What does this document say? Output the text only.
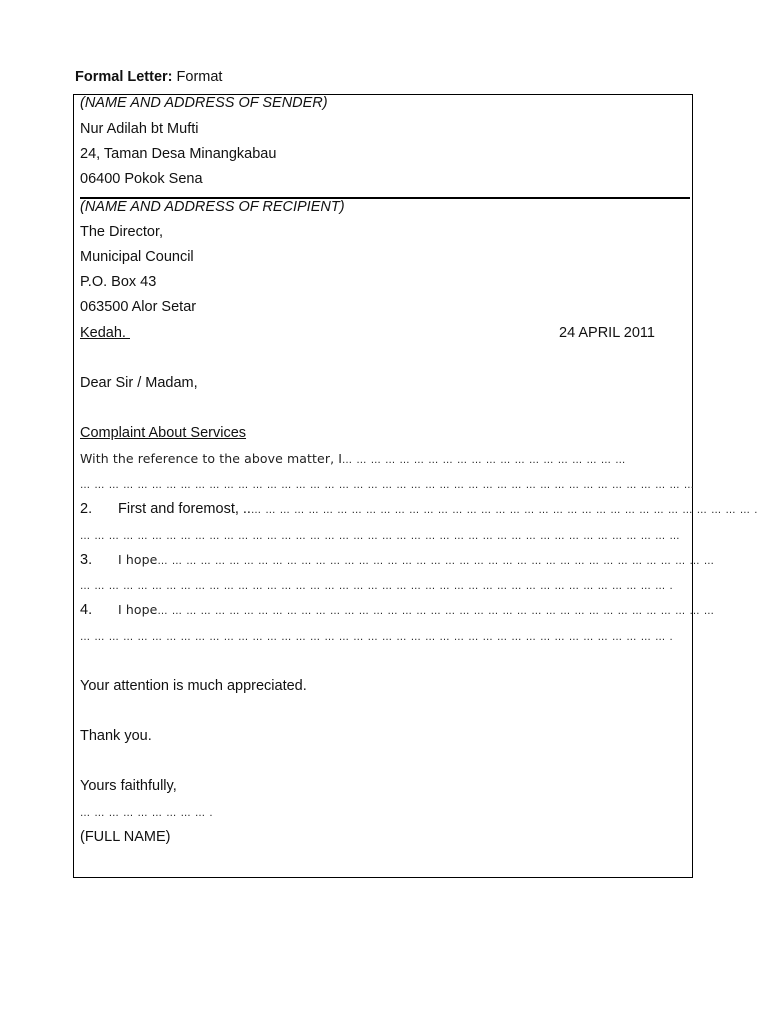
Formal Letter: Format
(NAME AND ADDRESS OF SENDER)
Nur Adilah bt Mufti
24, Taman Desa Minangkabau
06400 Pokok Sena
(NAME AND ADDRESS OF RECIPIENT)
The Director,
Municipal Council
P.O. Box 43
063500 Alor Setar
Kedah.	24 APRIL 2011
Dear Sir / Madam,
Complaint About Services
With the reference to the above matter, I… … … … … … … … … … … … … … … … … … … …
… … … … … … … … … … … … … … … … … … … … … … … … … … … … … … … … … … … … … … … … … … …
2. First and foremost, ..… … … … … … … … … … … … … … … … … … … … … … … … … … … … … … … … … … … .
… … … … … … … … … … … … … … … … … … … … … … … … … … … … … … … … … … … … … … … … … …
3. I hope… … … … … … … … … … … … … … … … … … … … … … … … … … … … … … … … … … … … … … …
… … … … … … … … … … … … … … … … … … … … … … … … … … … … … … … … … … … … … … … … … .
4. I hope… … … … … … … … … … … … … … … … … … … … … … … … … … … … … … … … … … … … … … …
… … … … … … … … … … … … … … … … … … … … … … … … … … … … … … … … … … … … … … … … … .
Your attention is much appreciated.
Thank you.
Yours faithfully,
… … … … … … … … … .
(FULL NAME)
